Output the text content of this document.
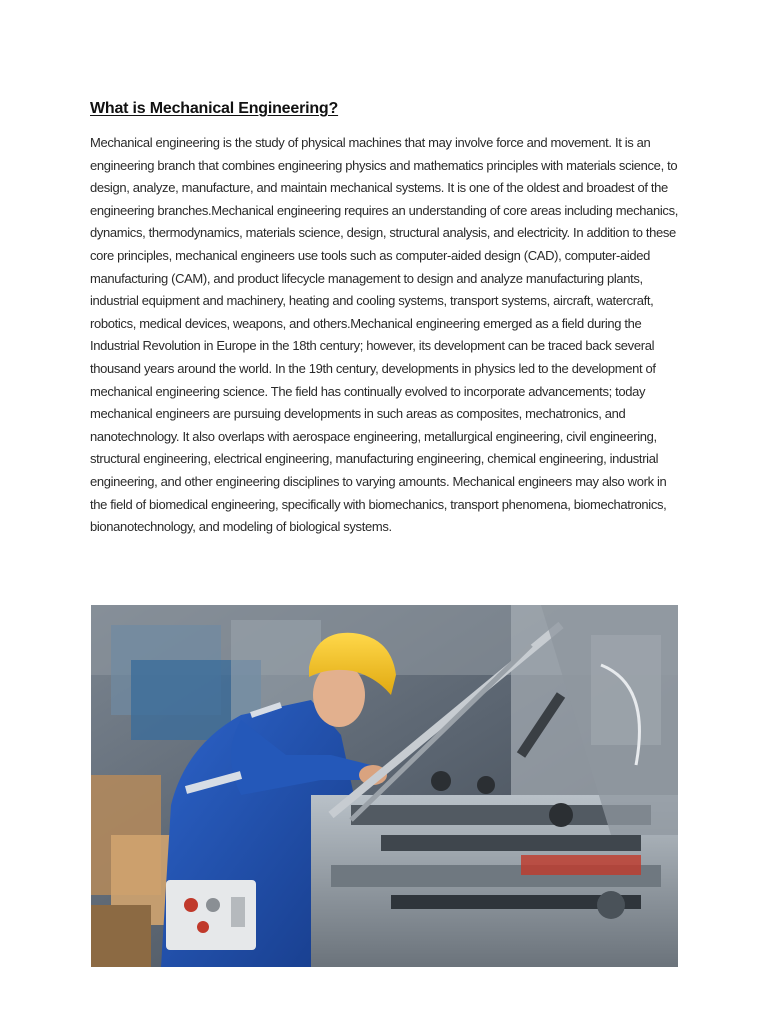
What is Mechanical Engineering?

Mechanical engineering is the study of physical machines that may involve force and movement. It is an engineering branch that combines engineering physics and mathematics principles with materials science, to design, analyze, manufacture, and maintain mechanical systems. It is one of the oldest and broadest of the engineering branches.Mechanical engineering requires an understanding of core areas including mechanics, dynamics, thermodynamics, materials science, design, structural analysis, and electricity. In addition to these core principles, mechanical engineers use tools such as computer-aided design (CAD), computer-aided manufacturing (CAM), and product lifecycle management to design and analyze manufacturing plants, industrial equipment and machinery, heating and cooling systems, transport systems, aircraft, watercraft, robotics, medical devices, weapons, and others.Mechanical engineering emerged as a field during the Industrial Revolution in Europe in the 18th century; however, its development can be traced back several thousand years around the world. In the 19th century, developments in physics led to the development of mechanical engineering science. The field has continually evolved to incorporate advancements; today mechanical engineers are pursuing developments in such areas as composites, mechatronics, and nanotechnology. It also overlaps with aerospace engineering, metallurgical engineering, civil engineering, structural engineering, electrical engineering, manufacturing engineering, chemical engineering, industrial engineering, and other engineering disciplines to varying amounts. Mechanical engineers may also work in the field of biomedical engineering, specifically with biomechanics, transport phenomena, biomechatronics, bionanotechnology, and modeling of biological systems.
